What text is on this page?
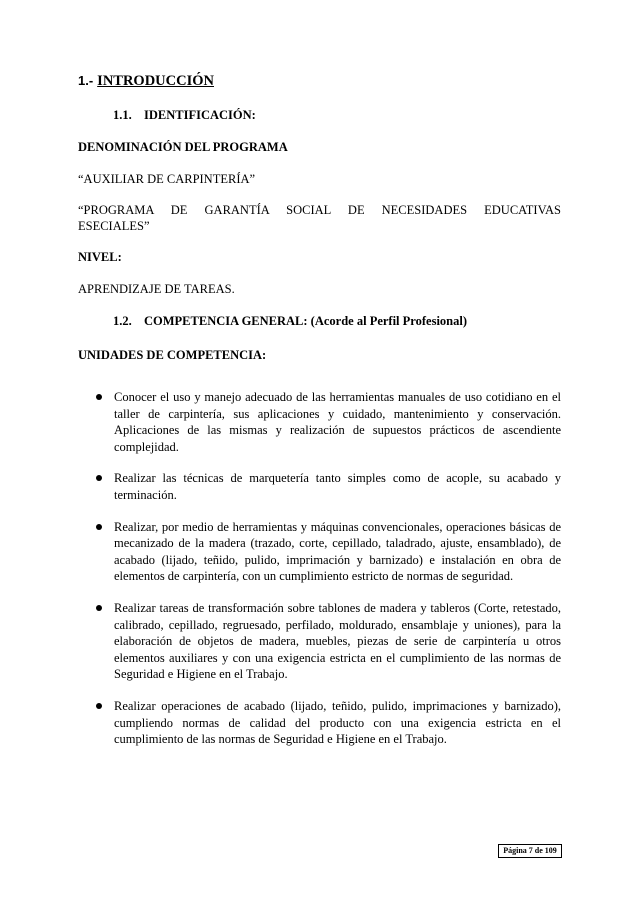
1.- INTRODUCCIÓN
1.1. IDENTIFICACIÓN:
DENOMINACIÓN DEL PROGRAMA
“AUXILIAR DE CARPINTERÍA”
“PROGRAMA DE GARANTÍA SOCIAL DE NECESIDADES EDUCATIVAS
ESECIALES”
NIVEL:
APRENDIZAJE DE TAREAS.
1.2. COMPETENCIA GENERAL: (Acorde al Perfil Profesional)
UNIDADES DE COMPETENCIA:
Conocer el uso y manejo adecuado de las herramientas manuales de uso cotidiano en el taller de carpintería, sus aplicaciones y cuidado, mantenimiento y conservación. Aplicaciones de las mismas y realización de supuestos prácticos de ascendiente complejidad.
Realizar las técnicas de marquetería tanto simples como de acople, su acabado y terminación.
Realizar, por medio de herramientas y máquinas convencionales, operaciones básicas de mecanizado de la madera (trazado, corte, cepillado, taladrado, ajuste, ensamblado), de acabado (lijado, teñido, pulido, imprimación y barnizado) e instalación en obra de elementos de carpintería, con un cumplimiento estricto de normas de seguridad.
Realizar tareas de transformación sobre tablones de madera y tableros (Corte, retestado, calibrado, cepillado, regruesado, perfilado, moldurado, ensamblaje y uniones), para la elaboración de objetos de madera, muebles, piezas de serie de carpintería u otros elementos auxiliares y con una exigencia estricta en el cumplimiento de las normas de Seguridad e Higiene en el Trabajo.
Realizar operaciones de acabado (lijado, teñido, pulido, imprimaciones y barnizado), cumpliendo normas de calidad del producto con una exigencia estricta en el cumplimiento de las normas de Seguridad e Higiene en el Trabajo.
Página 7 de 109
